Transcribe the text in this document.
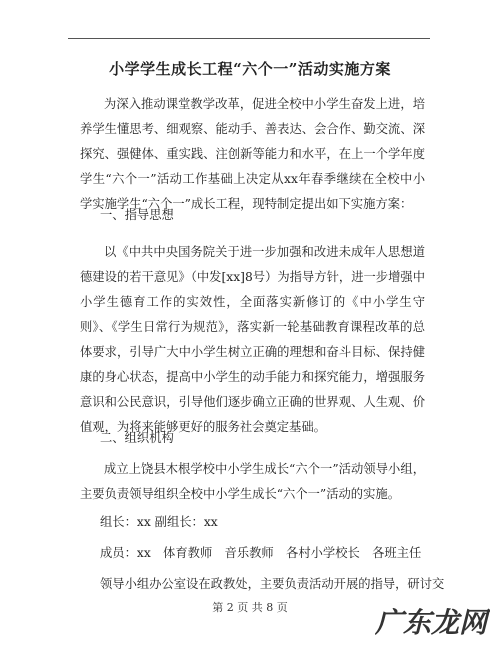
小学学生成长工程“六个一”活动实施方案

为深入推动课堂教学改革，促进全校中小学生奋发上进，培养学生懂思考、细观察、能动手、善表达、会合作、勤交流、深探究、强健体、重实践、注创新等能力和水平，在上一个学年度学生“六个一”活动工作基础上决定从xx年春季继续在全校中小学实施学生“六个一”成长工程，现特制定提出如下实施方案：

一、指导思想

以《中共中央国务院关于进一步加强和改进未成年人思想道德建设的若干意见》（中发[xx]8号）为指导方针，进一步增强中小学生德育工作的实效性，全面落实新修订的《中小学生守则》、《学生日常行为规范》，落实新一轮基础教育课程改革的总体要求，引导广大中小学生树立正确的理想和奋斗目标、保持健康的身心状态，提高中小学生的动手能力和探究能力，增强服务意识和公民意识，引导他们逐步确立正确的世界观、人生观、价值观，为将来能够更好的服务社会奠定基础。

二、组织机构

成立上饶县木根学校中小学生成长“六个一”活动领导小组，主要负责领导组织全校中小学生成长“六个一”活动的实施。

组长：xx 副组长：xx

成员：xx　体育教师　音乐教师　各村小学校长　各班主任

领导小组办公室设在政教处，主要负责活动开展的指导，研讨交

第 2 页 共 8 页	广东龙网
